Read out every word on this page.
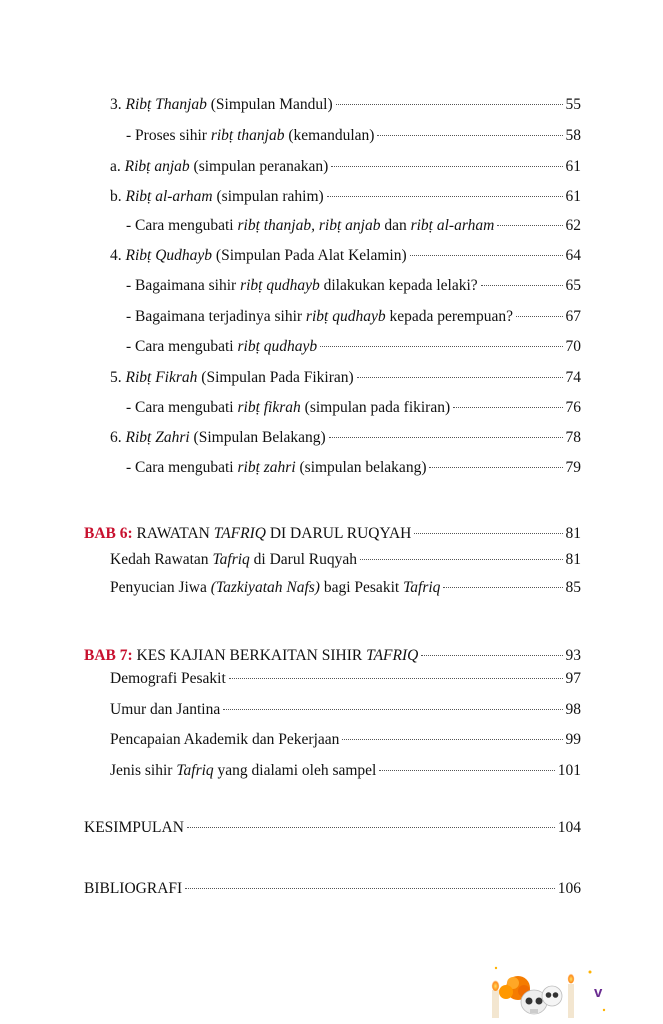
3. Ribṭ Thanjab (Simpulan Mandul)	55
- Proses sihir ribṭ thanjab (kemandulan)	58
a. Ribṭ anjab (simpulan peranakan)	61
b. Ribṭ al-arham (simpulan rahim)	61
- Cara mengubati ribṭ thanjab, ribṭ anjab dan ribṭ al-arham	62
4. Ribṭ Qudhayb (Simpulan Pada Alat Kelamin)	64
- Bagaimana sihir ribṭ qudhayb dilakukan kepada lelaki?	65
- Bagaimana terjadinya sihir ribṭ qudhayb kepada perempuan?	67
- Cara mengubati ribṭ qudhayb	70
5. Ribṭ Fikrah (Simpulan Pada Fikiran)	74
- Cara mengubati ribṭ fikrah (simpulan pada fikiran)	76
6. Ribṭ Zahri (Simpulan Belakang)	78
- Cara mengubati ribṭ zahri (simpulan belakang)	79
BAB 6: RAWATAN TAFRIQ DI DARUL RUQYAH	81
Kedah Rawatan Tafriq di Darul Ruqyah	81
Penyucian Jiwa (Tazkiyatah Nafs) bagi Pesakit Tafriq	85
BAB 7: KES KAJIAN BERKAITAN SIHIR TAFRIQ	93
Demografi Pesakit	97
Umur dan Jantina	98
Pencapaian Akademik dan Pekerjaan	99
Jenis sihir Tafriq yang dialami oleh sampel	101
KESIMPULAN	104
BIBLIOGRAFI	106
v
